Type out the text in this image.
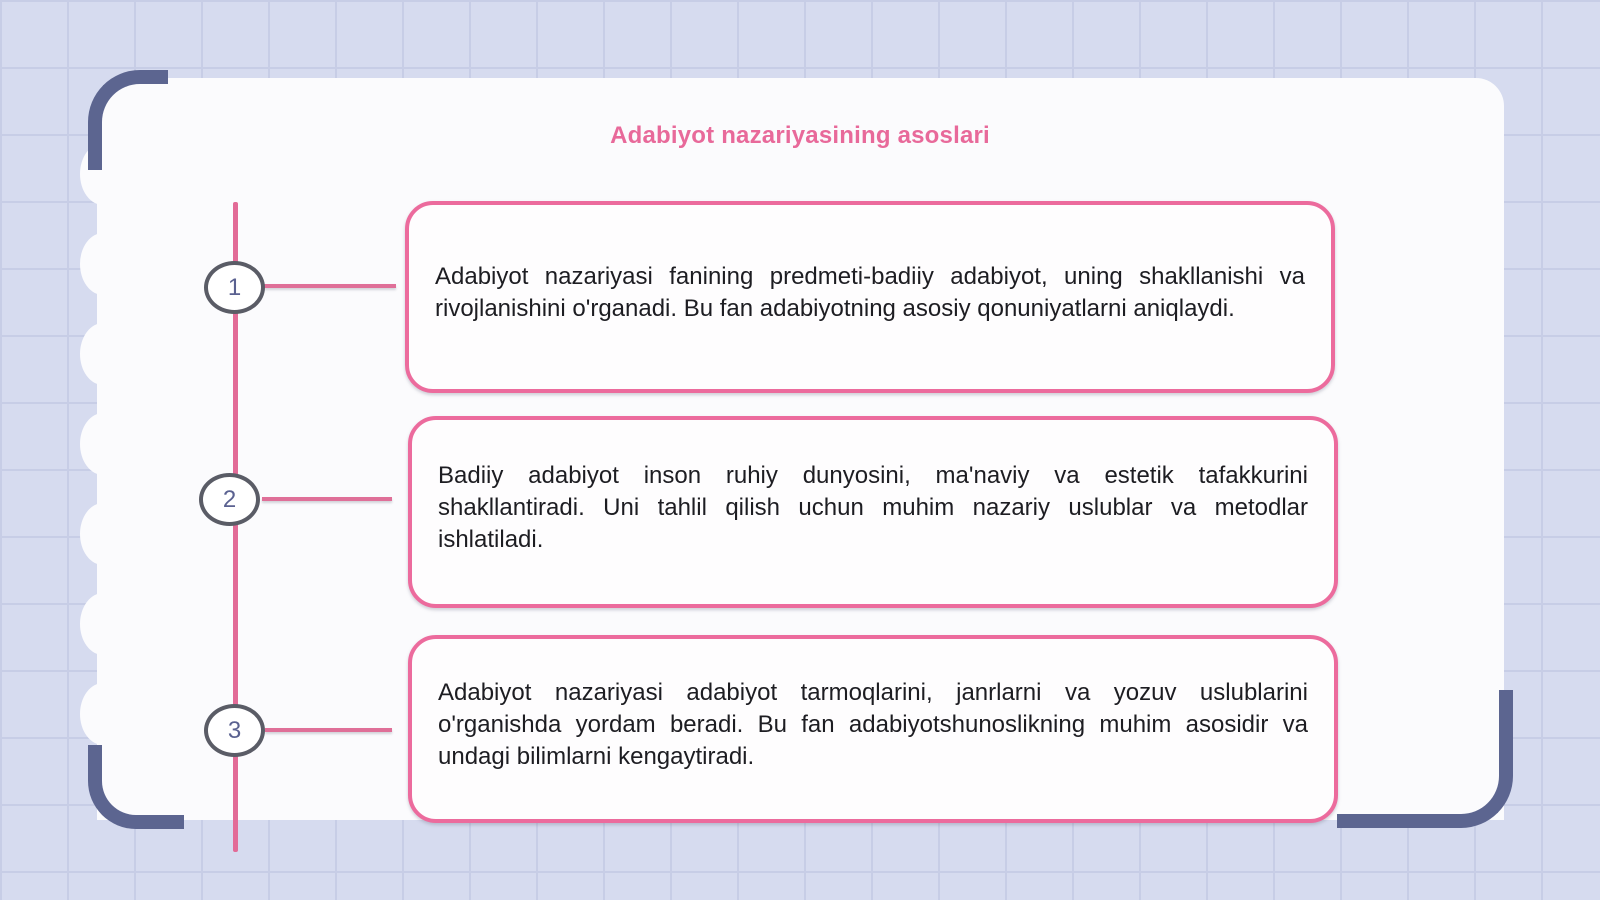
Adabiyot nazariyasining asoslari
1	Adabiyot nazariyasi fanining predmeti-badiiy adabiyot, uning shakllanishi va rivojlanishini o'rganadi. Bu fan adabiyotning asosiy qonuniyatlarni aniqlaydi.
2
Badiiy adabiyot inson ruhiy dunyosini, ma'naviy va estetik tafakkurini shakllantiradi. Uni tahlil qilish uchun muhim nazariy uslublar va metodlar ishlatiladi.
3
Adabiyot nazariyasi adabiyot tarmoqlarini, janrlarni va yozuv uslublarini o'rganishda yordam beradi. Bu fan adabiyotshunoslikning muhim asosidir va undagi bilimlarni kengaytiradi.
